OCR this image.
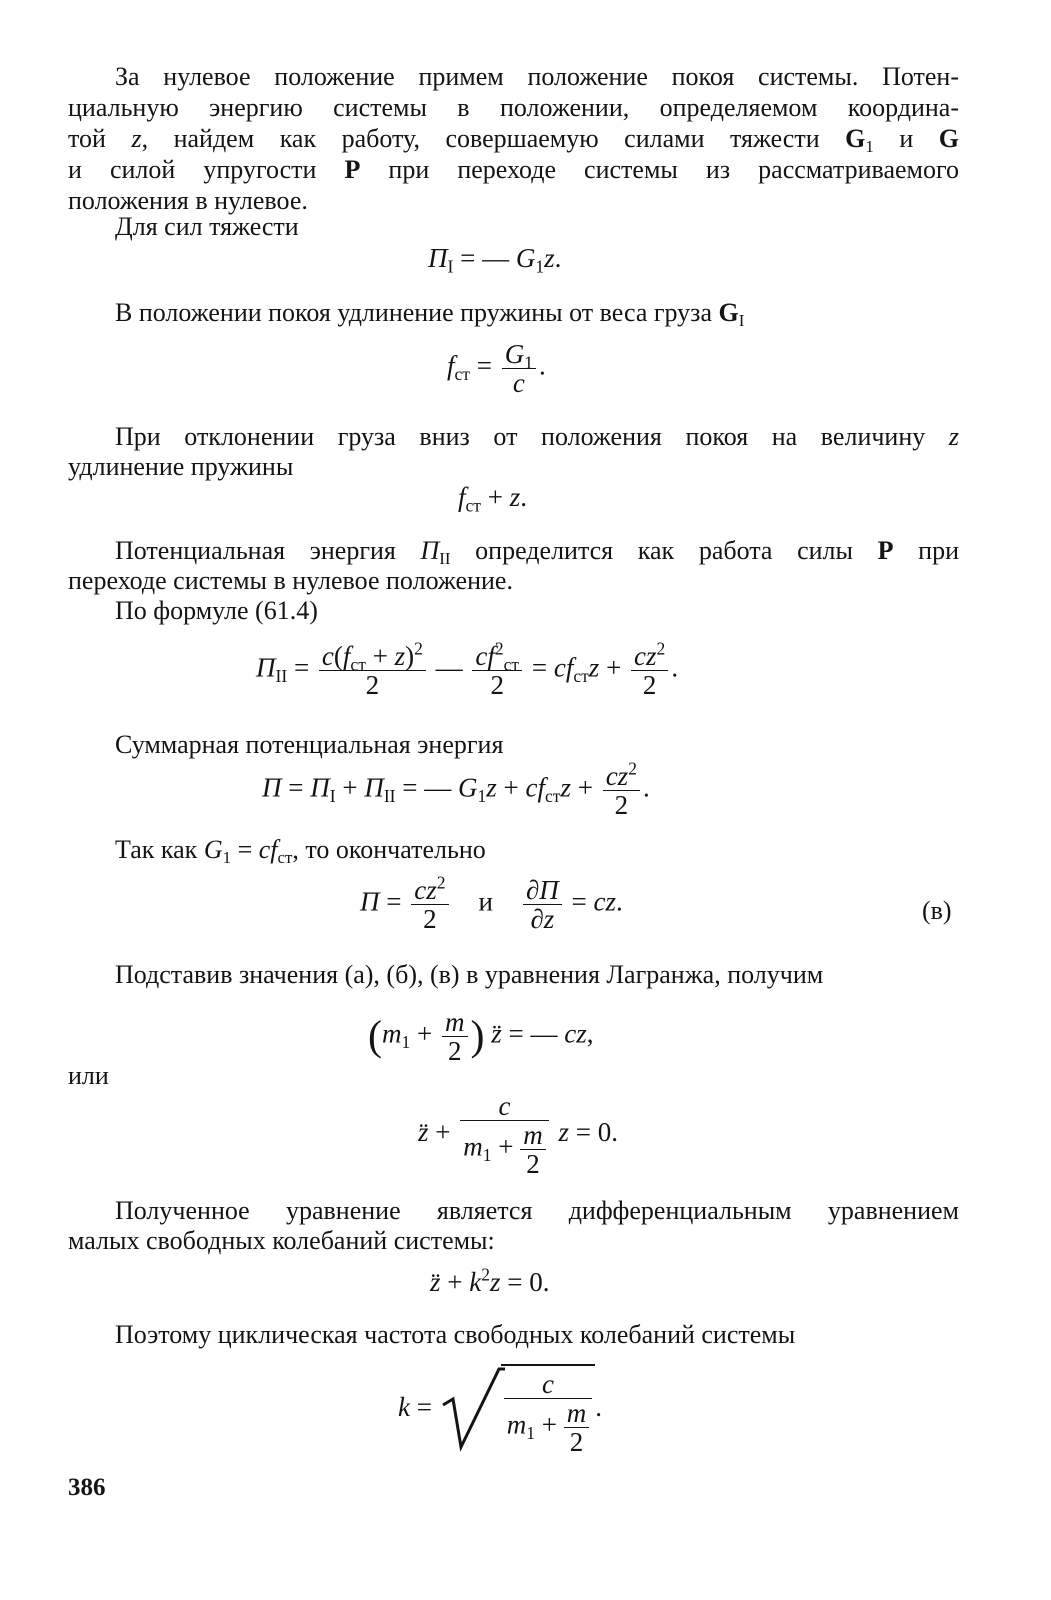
За нулевое положение примем положение покоя системы. Потен-
циальную энергию системы в положении, определяемом координа-
той z, найдем как работу, совершаемую силами тяжести $G_1$ и G
и силой упругости P при переходе системы из рассматриваемого
положения в нулевое.
Для сил тяжести
$\Pi_I$ = — $G_1z$.
В положении покоя удлинение пружины от веса груза $G_I$
$f_{ст} = \frac{G_1}{c}$ .
При отклонении груза вниз от положения покоя на величину z
удлинение пружины
$f_{ст} + z$.
Потенциальная энергия $\Pi_{II}$ определится как работа силы P при
переходе системы в нулевое положение.
По формуле (61.4)
$\Pi_{II} = \frac{c(f_{ст} + z)^2}{2}$ — $\frac{cf^2_{ст}}{2} = cf_{ст}z + \frac{cz^2}{2}$ .
Суммарная потенциальная энергия
$\Pi = \Pi_I + \Pi_{II}$ = — $G_1z + cf_{ст}z + \frac{cz^2}{2}$ .
Так как $G_1 = cf_{ст}$, то окончательно
$\Pi = \frac{cz^2}{2}$ и $\frac{\partial\Pi}{\partial z}$ = cz.	(в)
Подставив значения (а), (б), (в) в уравнения Лагранжа, получим
($m_1 + \frac{m}{2}$ ) z̈ = — cz,
или
z̈ + $\frac{c}{m_1 + \frac{m}{2}}$ z = 0.
Полученное уравнение является дифференциальным уравнением
малых свободных колебаний системы:
z̈ + $k^2z = 0$.
Поэтому циклическая частота свободных колебаний системы
$k = \frac{c}{m_1 + \frac{m}{2}}$ .
386
